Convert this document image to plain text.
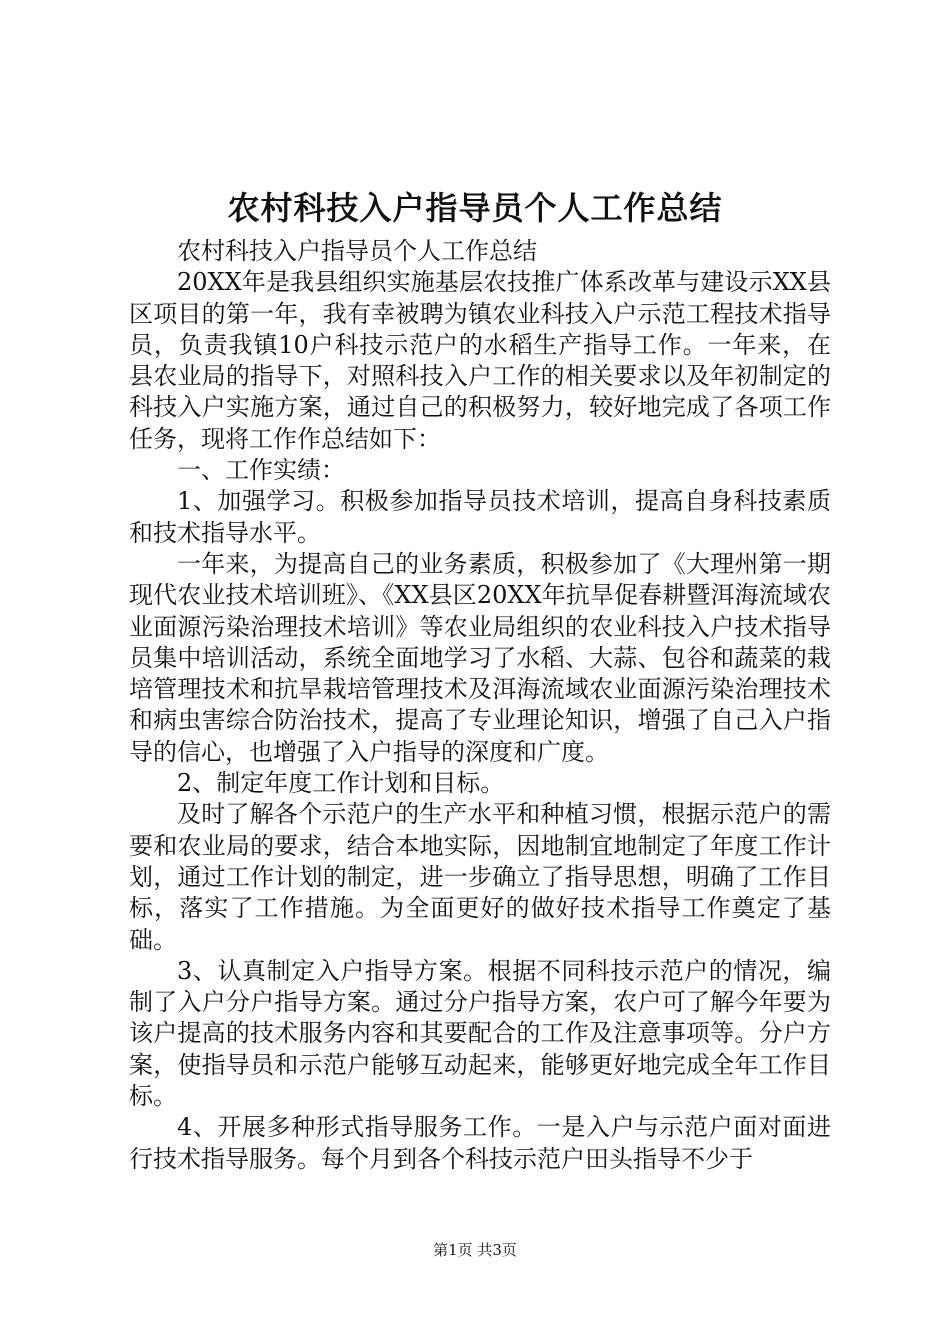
农村科技入户指导员个人工作总结

农村科技入户指导员个人工作总结

20XX年是我县组织实施基层农技推广体系改革与建设示XX县区项目的第一年，我有幸被聘为镇农业科技入户示范工程技术指导员，负责我镇10户科技示范户的水稻生产指导工作。一年来，在县农业局的指导下，对照科技入户工作的相关要求以及年初制定的科技入户实施方案，通过自己的积极努力，较好地完成了各项工作任务，现将工作作总结如下：

一、工作实绩：

1、加强学习。积极参加指导员技术培训，提高自身科技素质和技术指导水平。

一年来，为提高自己的业务素质，积极参加了《大理州第一期现代农业技术培训班》、《XX县区20XX年抗旱促春耕暨洱海流域农业面源污染治理技术培训》等农业局组织的农业科技入户技术指导员集中培训活动，系统全面地学习了水稻、大蒜、包谷和蔬菜的栽培管理技术和抗旱栽培管理技术及洱海流域农业面源污染治理技术和病虫害综合防治技术，提高了专业理论知识，增强了自己入户指导的信心，也增强了入户指导的深度和广度。

2、制定年度工作计划和目标。

及时了解各个示范户的生产水平和种植习惯，根据示范户的需要和农业局的要求，结合本地实际，因地制宜地制定了年度工作计划，通过工作计划的制定，进一步确立了指导思想，明确了工作目标，落实了工作措施。为全面更好的做好技术指导工作奠定了基础。

3、认真制定入户指导方案。根据不同科技示范户的情况，编制了入户分户指导方案。通过分户指导方案，农户可了解今年要为该户提高的技术服务内容和其要配合的工作及注意事项等。分户方案，使指导员和示范户能够互动起来，能够更好地完成全年工作目标。

4、开展多种形式指导服务工作。一是入户与示范户面对面进行技术指导服务。每个月到各个科技示范户田头指导不少于

第1页 共3页
